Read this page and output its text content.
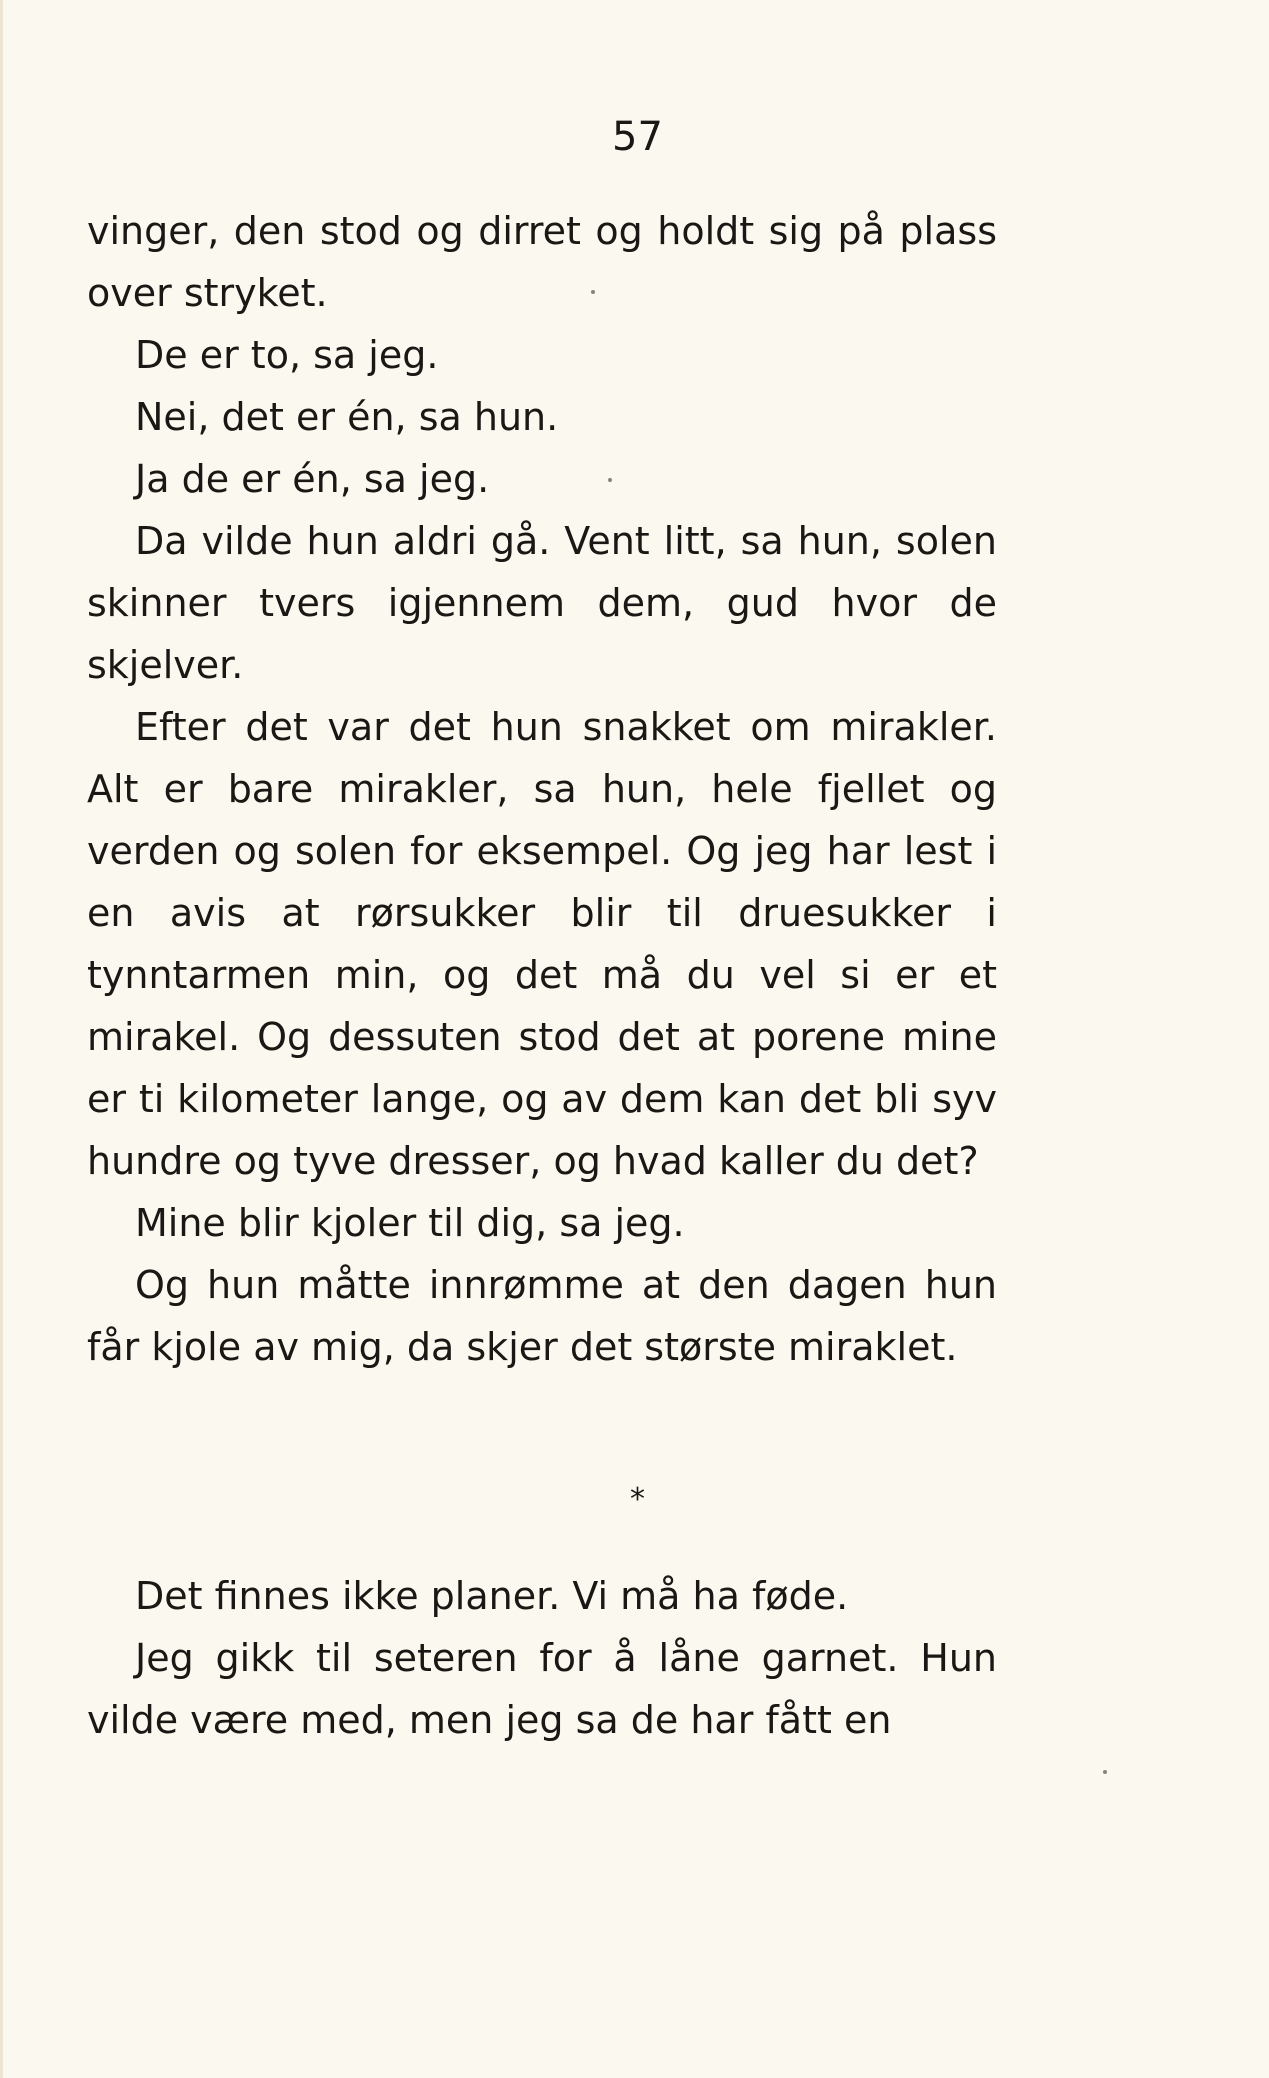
57

vinger, den stod og dirret og holdt sig på plass over stryket.

De er to, sa jeg.

Nei, det er én, sa hun.

Ja de er én, sa jeg.

Da vilde hun aldri gå. Vent litt, sa hun, solen skinner tvers igjennem dem, gud hvor de skjelver.

Efter det var det hun snakket om mirakler. Alt er bare mirakler, sa hun, hele fjellet og verden og solen for eksempel. Og jeg har lest i en avis at rørsukker blir til druesukker i tynntarmen min, og det må du vel si er et mirakel. Og dessuten stod det at porene mine er ti kilometer lange, og av dem kan det bli syv hundre og tyve dresser, og hvad kaller du det?

Mine blir kjoler til dig, sa jeg.

Og hun måtte innrømme at den dagen hun får kjole av mig, da skjer det største miraklet.

*

Det finnes ikke planer. Vi må ha føde.

Jeg gikk til seteren for å låne garnet. Hun vilde være med, men jeg sa de har fått en
